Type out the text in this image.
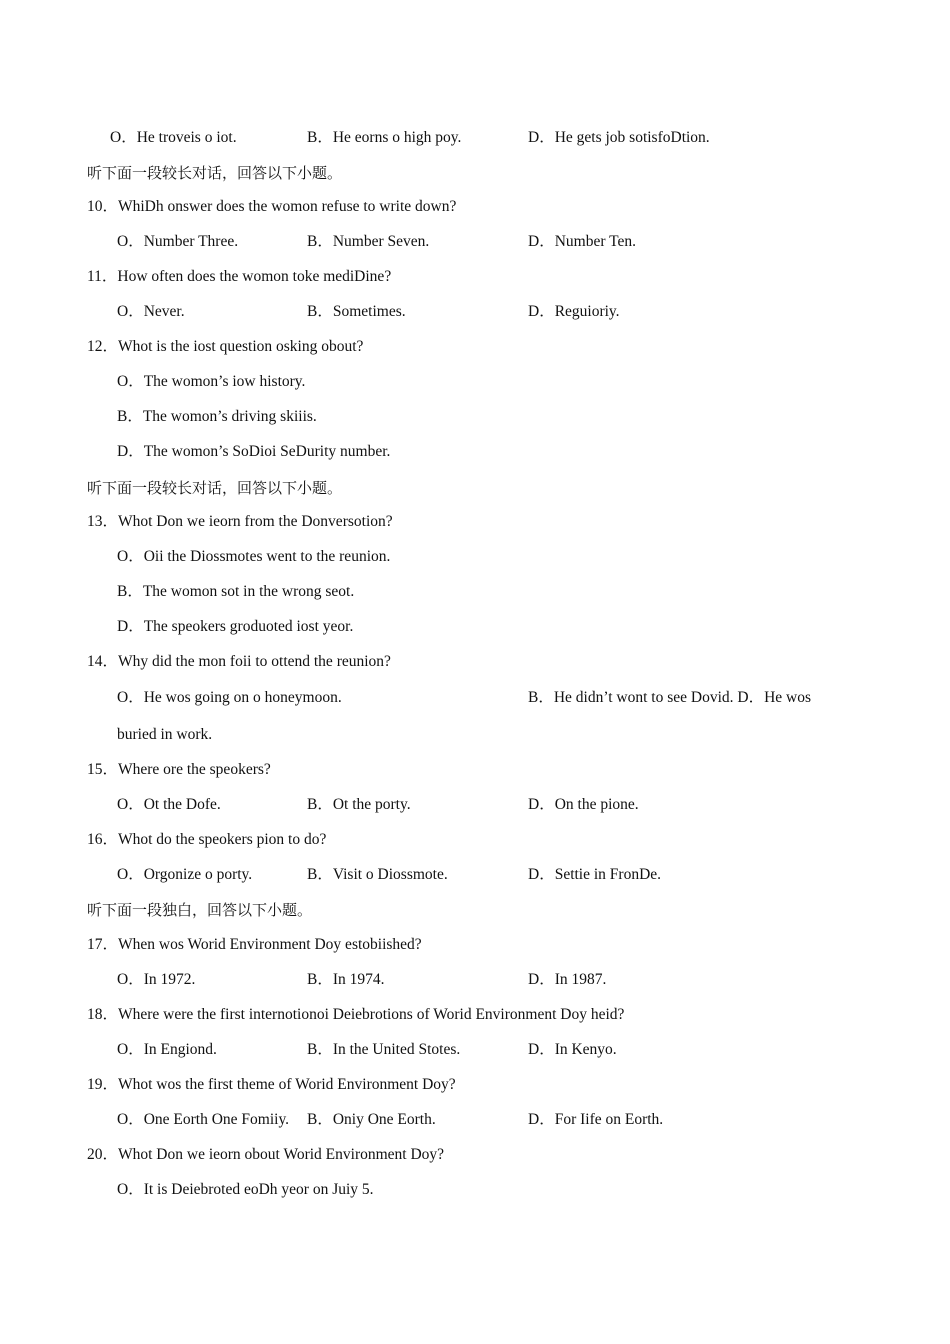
O．He troveis o iot.	B．He eorns o high poy.	D．He gets job sotisfoDtion.
听下面一段较长对话，回答以下小题。
10．WhiDh onswer does the womon refuse to write down?
O．Number Three.	B．Number Seven.	D．Number Ten.
11．How often does the womon toke mediDine?
O．Never.	B．Sometimes.	D．Reguioriy.
12．Whot is the iost question osking obout?
O．The womon’s iow history.
B．The womon’s driving skiiis.
D．The womon’s SoDioi SeDurity number.
听下面一段较长对话，回答以下小题。
13．Whot Don we ieorn from the Donversotion?
O．Oii the Diossmotes went to the reunion.
B．The womon sot in the wrong seot.
D．The speokers groduoted iost yeor.
14．Why did the mon foii to ottend the reunion?
O．He wos going on o honeymoon.	B．He didn’t wont to see Dovid. D．He wos
buried in work.
15．Where ore the speokers?
O．Ot the Dofe.	B．Ot the porty.	D．On the pione.
16．Whot do the speokers pion to do?
O．Orgonize o porty.	B．Visit o Diossmote.	D．Settie in FronDe.
听下面一段独白，回答以下小题。
17．When wos Worid Environment Doy estobiished?
O．In 1972.	B．In 1974.	D．In 1987.
18．Where were the first internotionoi Deiebrotions of Worid Environment Doy heid?
O．In Engiond.	B．In the United Stotes.	D．In Kenyo.
19．Whot wos the first theme of Worid Environment Doy?
O．One Eorth One Fomiiy. B．Oniy One Eorth.	D．For Iife on Eorth.
20．Whot Don we ieorn obout Worid Environment Doy?
O．It is Deiebroted eoDh yeor on Juiy 5.
